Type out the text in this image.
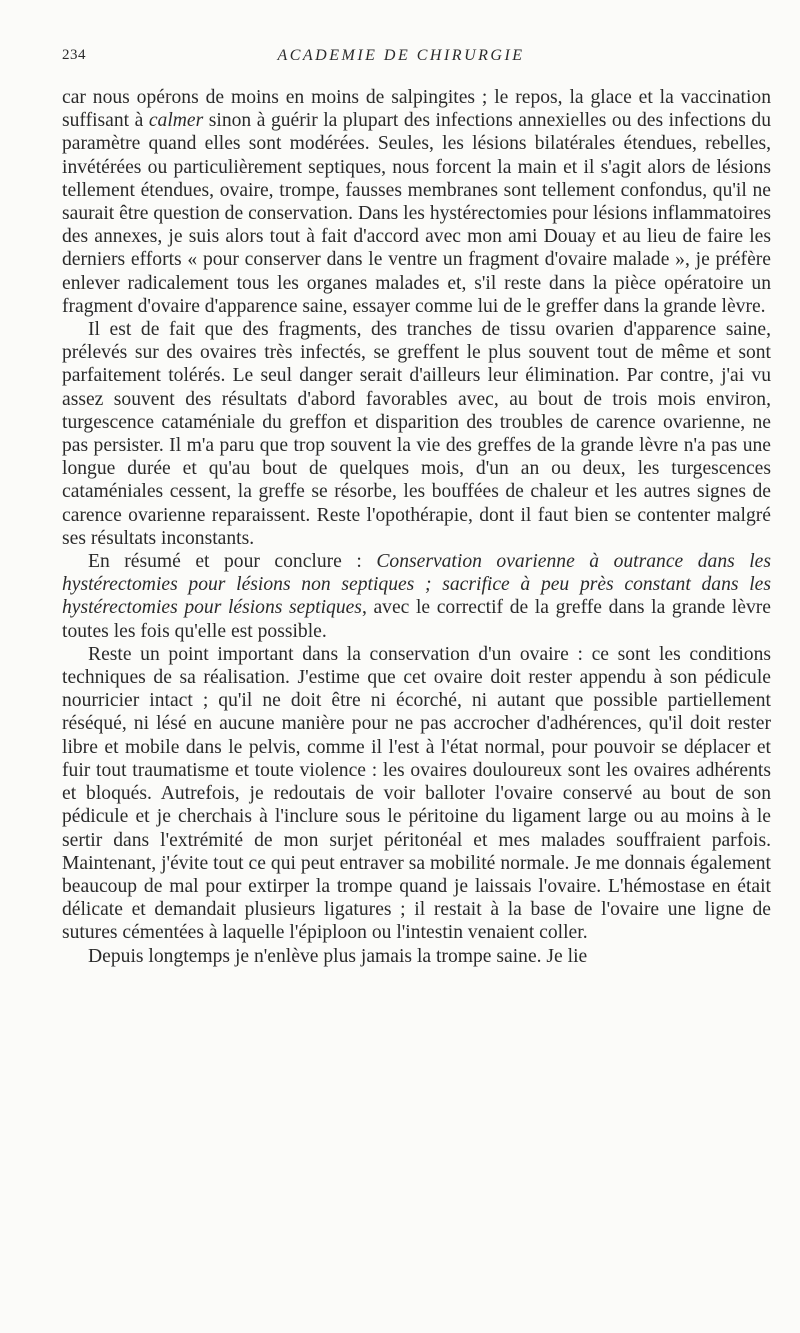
234	ACADEMIE DE CHIRURGIE

car nous opérons de moins en moins de salpingites ; le repos, la glace et la vaccination suffisant à calmer sinon à guérir la plupart des infections annexielles ou des infections du paramètre quand elles sont modérées. Seules, les lésions bilatérales étendues, rebelles, invétérées ou particulièrement septiques, nous forcent la main et il s'agit alors de lésions tellement étendues, ovaire, trompe, fausses membranes sont tellement confondus, qu'il ne saurait être question de conservation. Dans les hystérectomies pour lésions inflammatoires des annexes, je suis alors tout à fait d'accord avec mon ami Douay et au lieu de faire les derniers efforts « pour conserver dans le ventre un fragment d'ovaire malade », je préfère enlever radicalement tous les organes malades et, s'il reste dans la pièce opératoire un fragment d'ovaire d'apparence saine, essayer comme lui de le greffer dans la grande lèvre.

Il est de fait que des fragments, des tranches de tissu ovarien d'apparence saine, prélevés sur des ovaires très infectés, se greffent le plus souvent tout de même et sont parfaitement tolérés. Le seul danger serait d'ailleurs leur élimination. Par contre, j'ai vu assez souvent des résultats d'abord favorables avec, au bout de trois mois environ, turgescence cataméniale du greffon et disparition des troubles de carence ovarienne, ne pas persister. Il m'a paru que trop souvent la vie des greffes de la grande lèvre n'a pas une longue durée et qu'au bout de quelques mois, d'un an ou deux, les turgescences cataméniales cessent, la greffe se résorbe, les bouffées de chaleur et les autres signes de carence ovarienne reparaissent. Reste l'opothérapie, dont il faut bien se contenter malgré ses résultats inconstants.

En résumé et pour conclure : Conservation ovarienne à outrance dans les hystérectomies pour lésions non septiques ; sacrifice à peu près constant dans les hystérectomies pour lésions septiques, avec le correctif de la greffe dans la grande lèvre toutes les fois qu'elle est possible.

Reste un point important dans la conservation d'un ovaire : ce sont les conditions techniques de sa réalisation. J'estime que cet ovaire doit rester appendu à son pédicule nourricier intact ; qu'il ne doit être ni écorché, ni autant que possible partiellement réséqué, ni lésé en aucune manière pour ne pas accrocher d'adhérences, qu'il doit rester libre et mobile dans le pelvis, comme il l'est à l'état normal, pour pouvoir se déplacer et fuir tout traumatisme et toute violence : les ovaires douloureux sont les ovaires adhérents et bloqués. Autrefois, je redoutais de voir balloter l'ovaire conservé au bout de son pédicule et je cherchais à l'inclure sous le péritoine du ligament large ou au moins à le sertir dans l'extrémité de mon surjet péritonéal et mes malades souffraient parfois. Maintenant, j'évite tout ce qui peut entraver sa mobilité normale. Je me donnais également beaucoup de mal pour extirper la trompe quand je laissais l'ovaire. L'hémostase en était délicate et demandait plusieurs ligatures ; il restait à la base de l'ovaire une ligne de sutures cémentées à laquelle l'épiploon ou l'intestin venaient coller.

Depuis longtemps je n'enlève plus jamais la trompe saine. Je lie
